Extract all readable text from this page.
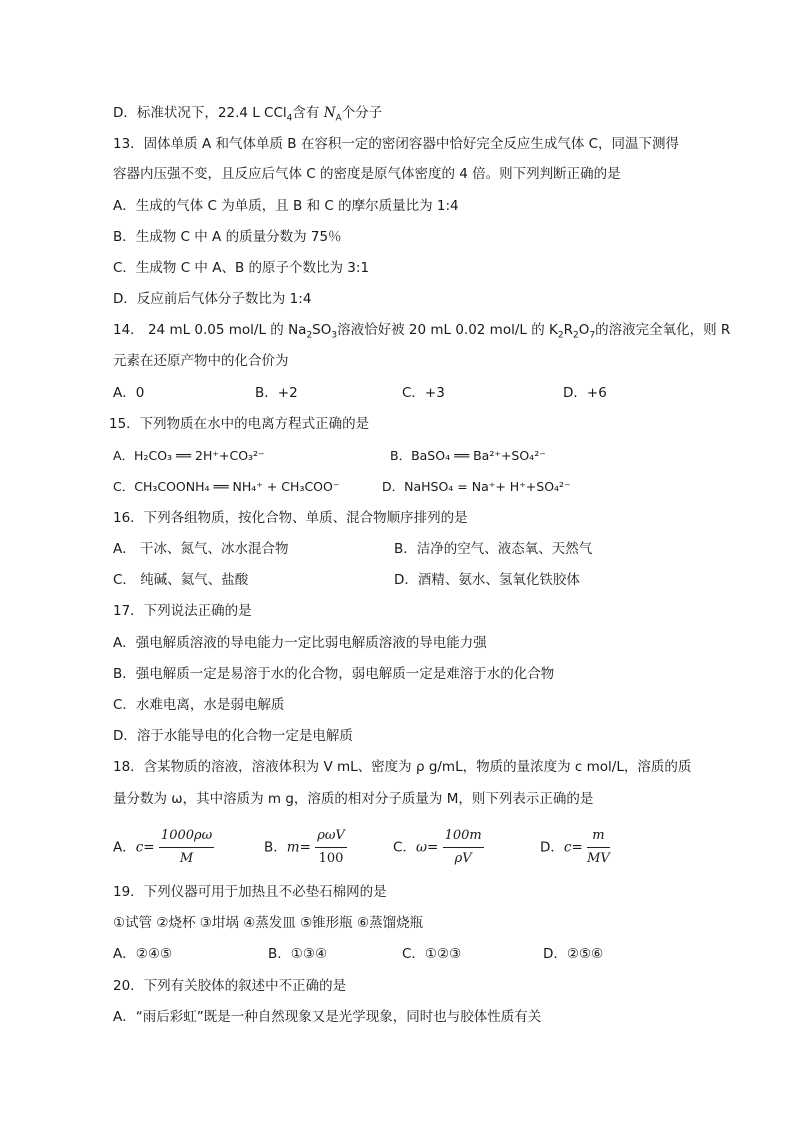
D．标准状况下，22.4 L CCl$_4$含有 $N_A$个分子
13．固体单质 A 和气体单质 B 在容积一定的密闭容器中恰好完全反应生成气体 C，同温下测得
容器内压强不变，且反应后气体 C 的密度是原气体密度的 4 倍。则下列判断正确的是
A．生成的气体 C 为单质，且 B 和 C 的摩尔质量比为 1:4
B．生成物 C 中 A 的质量分数为 75％
C．生成物 C 中 A、B 的原子个数比为 3:1
D．反应前后气体分子数比为 1:4
14． 24 mL 0.05 mol/L 的 $Na_2SO_3$溶液恰好被 20 mL 0.02 mol/L 的 $K_2R_2O_7$的溶液完全氧化，则 R
元素在还原产物中的化合价为
A．0	B．+2	C．+3	D．+6
15．下列物质在水中的电离方程式正确的是
A．H₂CO₃ ══ 2H⁺+CO₃²⁻	B．BaSO₄ ══ Ba²⁺+SO₄²⁻
C．CH₃COONH₄ ══ NH₄⁺ + CH₃COO⁻	D．NaHSO₄ = Na⁺+ H⁺+SO₄²⁻
16．下列各组物质，按化合物、单质、混合物顺序排列的是
A． 干冰、氮气、冰水混合物	B．洁净的空气、液态氧、天然气
C． 纯碱、氦气、盐酸	D．酒精、氨水、氢氧化铁胶体
17．下列说法正确的是
A．强电解质溶液的导电能力一定比弱电解质溶液的导电能力强
B．强电解质一定是易溶于水的化合物，弱电解质一定是难溶于水的化合物
C．水难电离，水是弱电解质
D．溶于水能导电的化合物一定是电解质
18．含某物质的溶液，溶液体积为 V mL、密度为 ρ g/mL，物质的量浓度为 c mol/L，溶质的质
量分数为 ω，其中溶质为 m g，溶质的相对分子质量为 M，则下列表示正确的是
A．$c= \frac{1000\rho\omega}{M}$	B．$m= \frac{\text{ρωV}}{100}$	C．$\omega= \frac{100m}{\rho V}$	D．$c= \frac{m}{MV}$
19．下列仪器可用于加热且不必垫石棉网的是
①试管 ②烧杯 ③坩埚 ④蒸发皿 ⑤锥形瓶 ⑥蒸馏烧瓶
A．②④⑤	B．①③④	C．①②③	D．②⑤⑥
20．下列有关胶体的叙述中不正确的是
A．“雨后彩虹”既是一种自然现象又是光学现象，同时也与胶体性质有关
